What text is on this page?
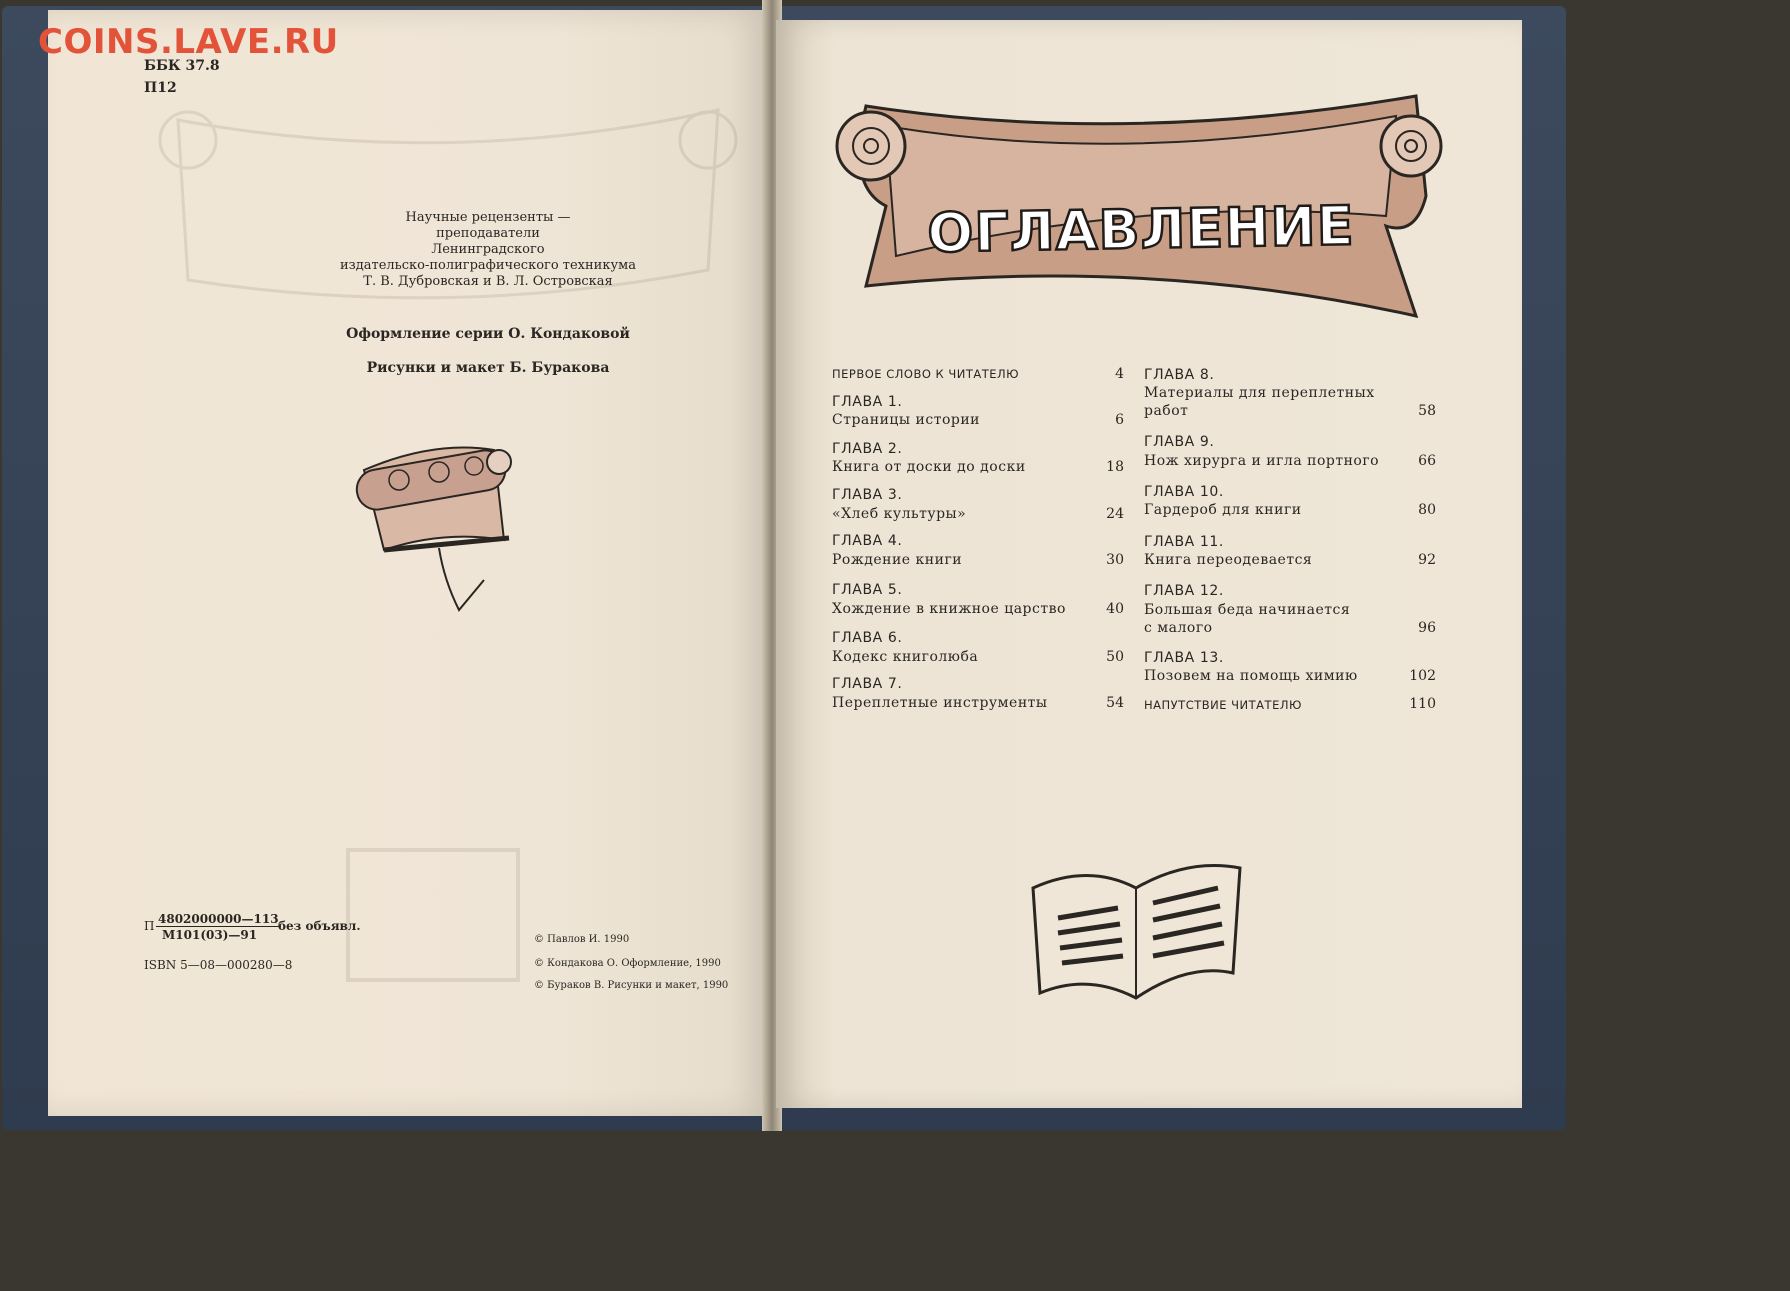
ББК 37.8

П12

Научные рецензенты —
преподаватели
Ленинградского
издательско-полиграфического техникума
Т. В. Дубровская и В. Л. Островская
Оформление серии О. Кондаковой
Рисунки и макет Б. Буракова
П 4802000000—113
М101(03)—91
без объявл.

ISBN 5—08—000280—8

© Павлов И. 1990
© Кондакова О. Оформление, 1990
© Бураков В. Рисунки и макет, 1990
ОГЛАВЛЕНИЕ
ПЕРВОЕ СЛОВО К ЧИТАТЕЛЮ	4
ГЛАВА 1.
Страницы истории	6
ГЛАВА 2.
Книга от доски до доски	18
ГЛАВА 3.
«Хлеб культуры»	24
ГЛАВА 4.
Рождение книги	30
ГЛАВА 5.
Хождение в книжное царство	40
ГЛАВА 6.
Кодекс книголюба	50
ГЛАВА 7.
Переплетные инструменты	54
ГЛАВА 8.
Материалы для переплетных
работ	58
ГЛАВА 9.
Нож хирурга и игла портного	66
ГЛАВА 10.
Гардероб для книги	80
ГЛАВА 11.
Книга переодевается	92
ГЛАВА 12.
Большая беда начинается
с малого	96
ГЛАВА 13.
Позовем на помощь химию	102
НАПУТСТВИЕ ЧИТАТЕЛЮ	110

COINS.LAVE.RU
